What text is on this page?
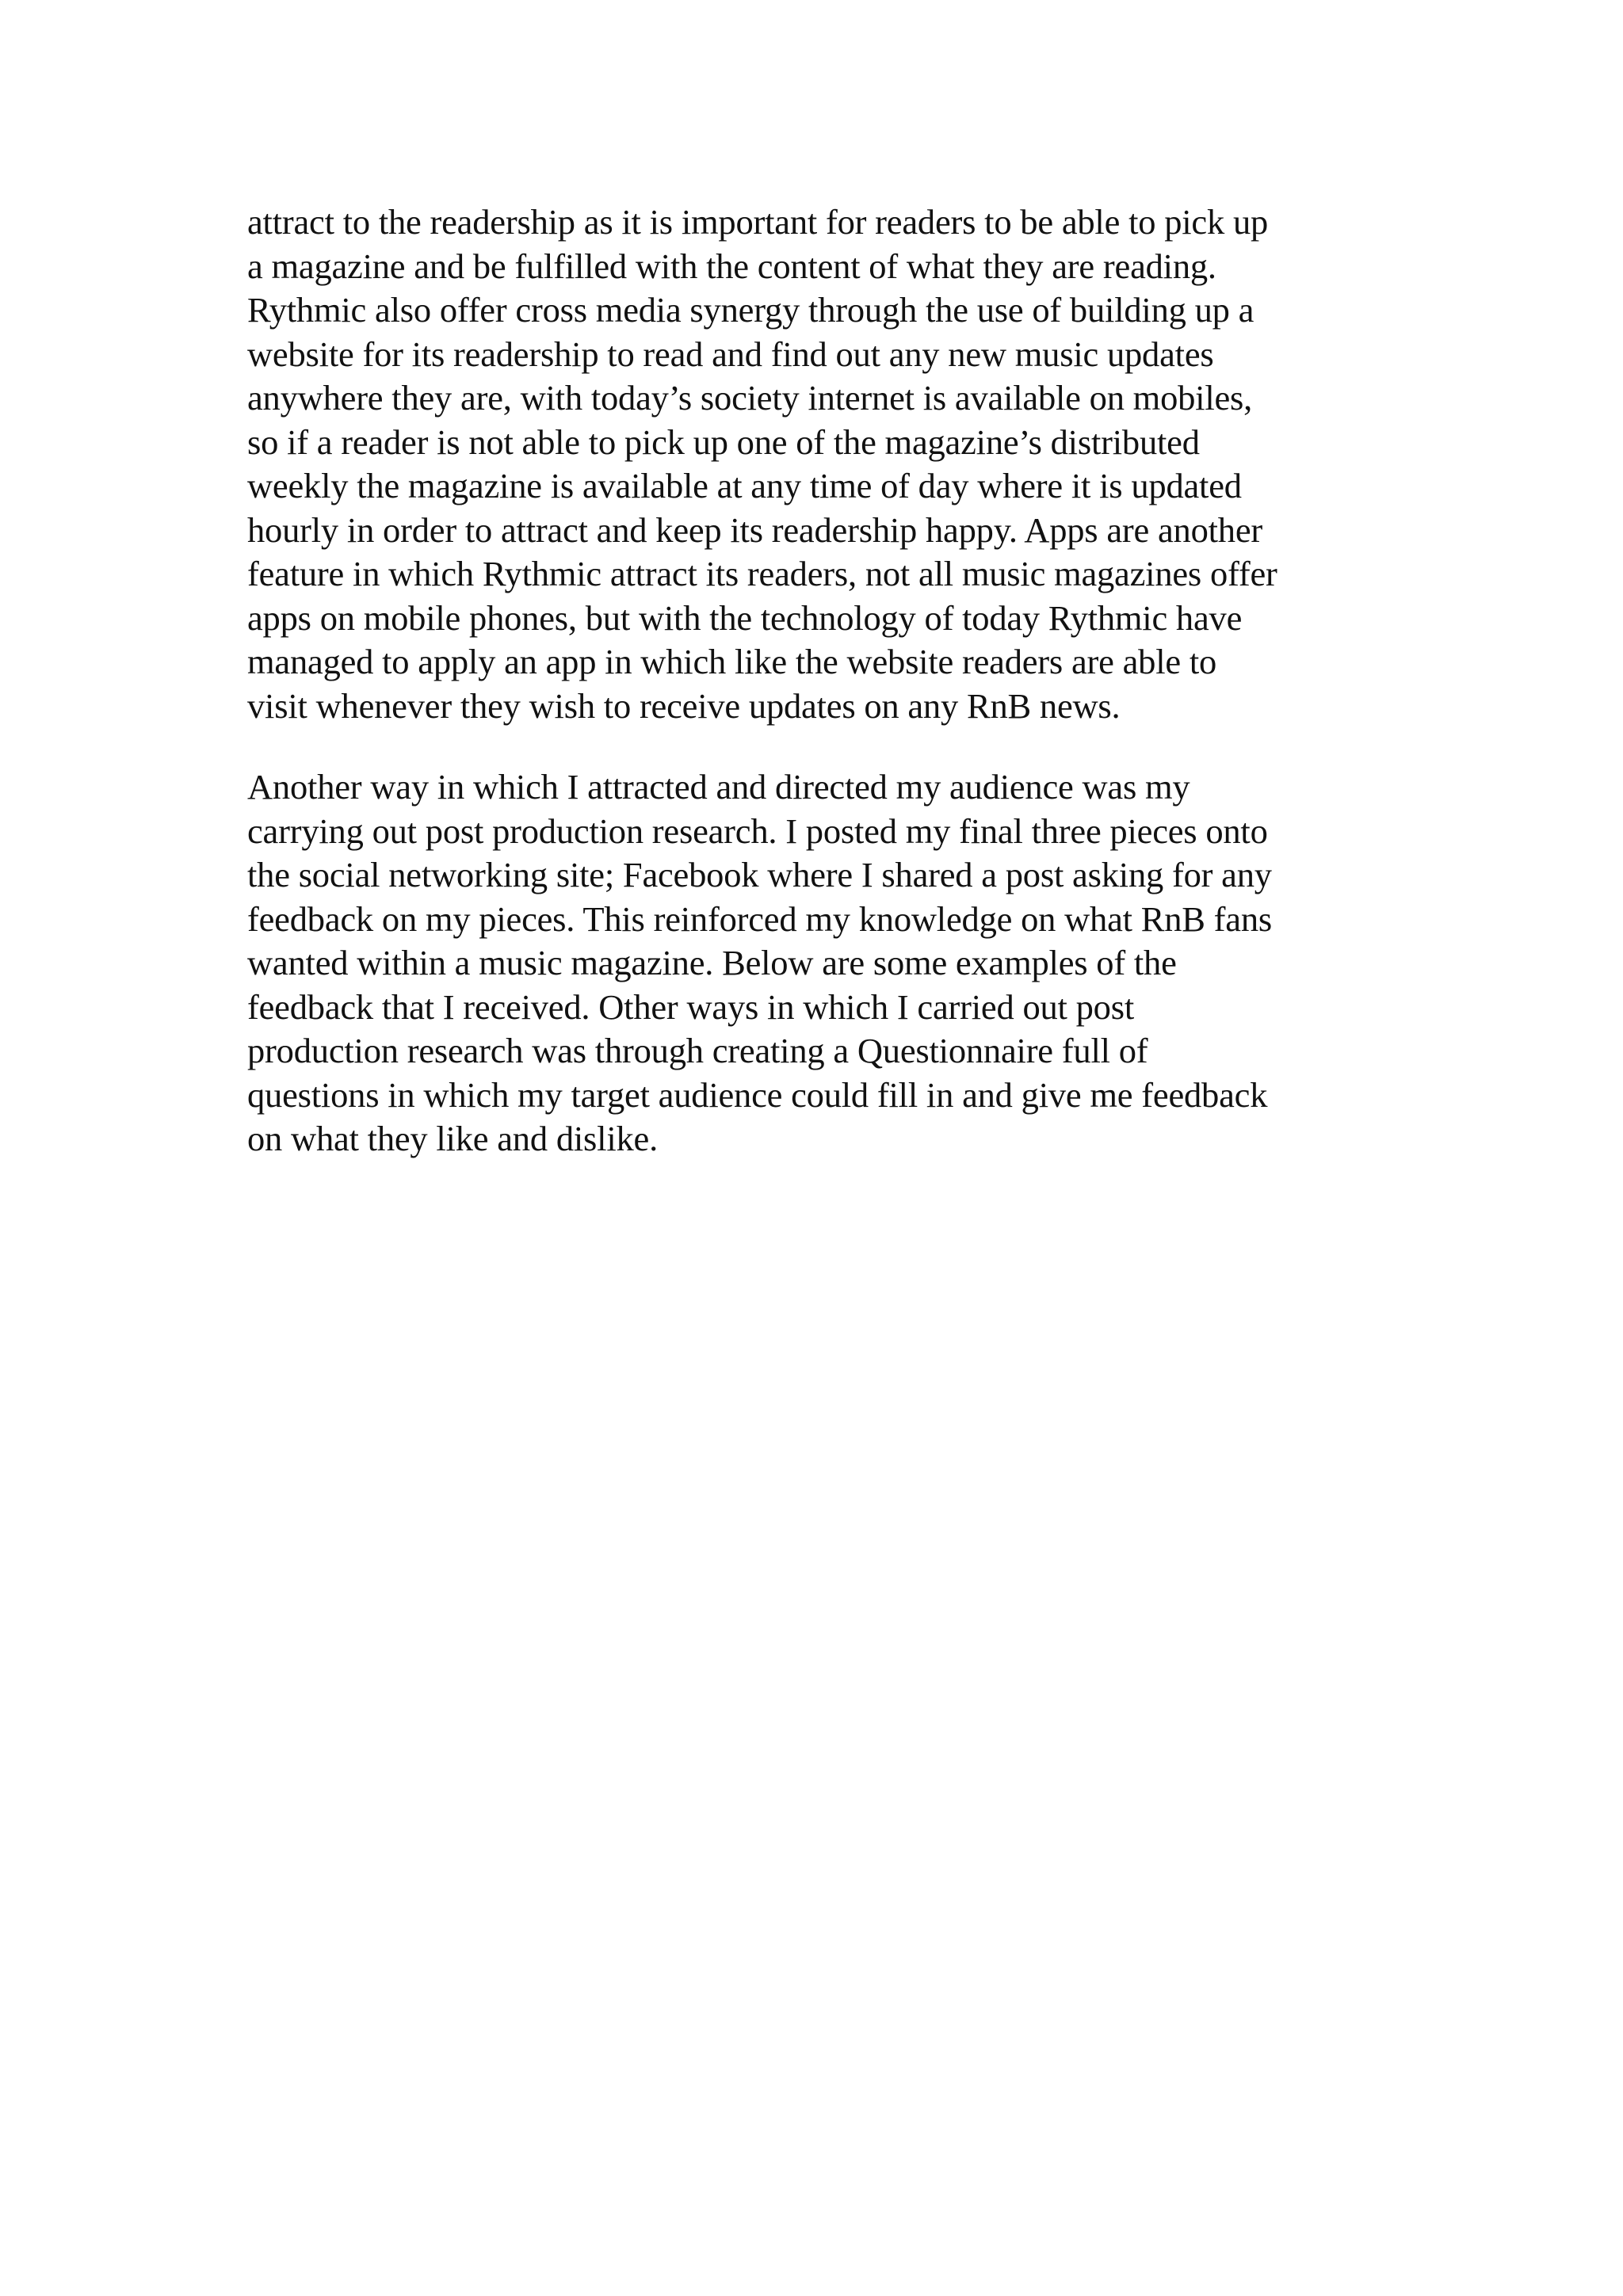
attract to the readership as it is important for readers to be able to pick up
a magazine and be fulfilled with the content of what they are reading.
Rythmic also offer cross media synergy through the use of building up a
website for its readership to read and find out any new music updates
anywhere they are, with today’s society internet is available on mobiles,
so if a reader is not able to pick up one of the magazine’s distributed
weekly the magazine is available at any time of day where it is updated
hourly in order to attract and keep its readership happy. Apps are another
feature in which Rythmic attract its readers, not all music magazines offer
apps on mobile phones, but with the technology of today Rythmic have
managed to apply an app in which like the website readers are able to
visit whenever they wish to receive updates on any RnB news.
Another way in which I attracted and directed my audience was my
carrying out post production research. I posted my final three pieces onto
the social networking site; Facebook where I shared a post asking for any
feedback on my pieces. This reinforced my knowledge on what RnB fans
wanted within a music magazine. Below are some examples of the
feedback that I received. Other ways in which I carried out post
production research was through creating a Questionnaire full of
questions in which my target audience could fill in and give me feedback
on what they like and dislike.
